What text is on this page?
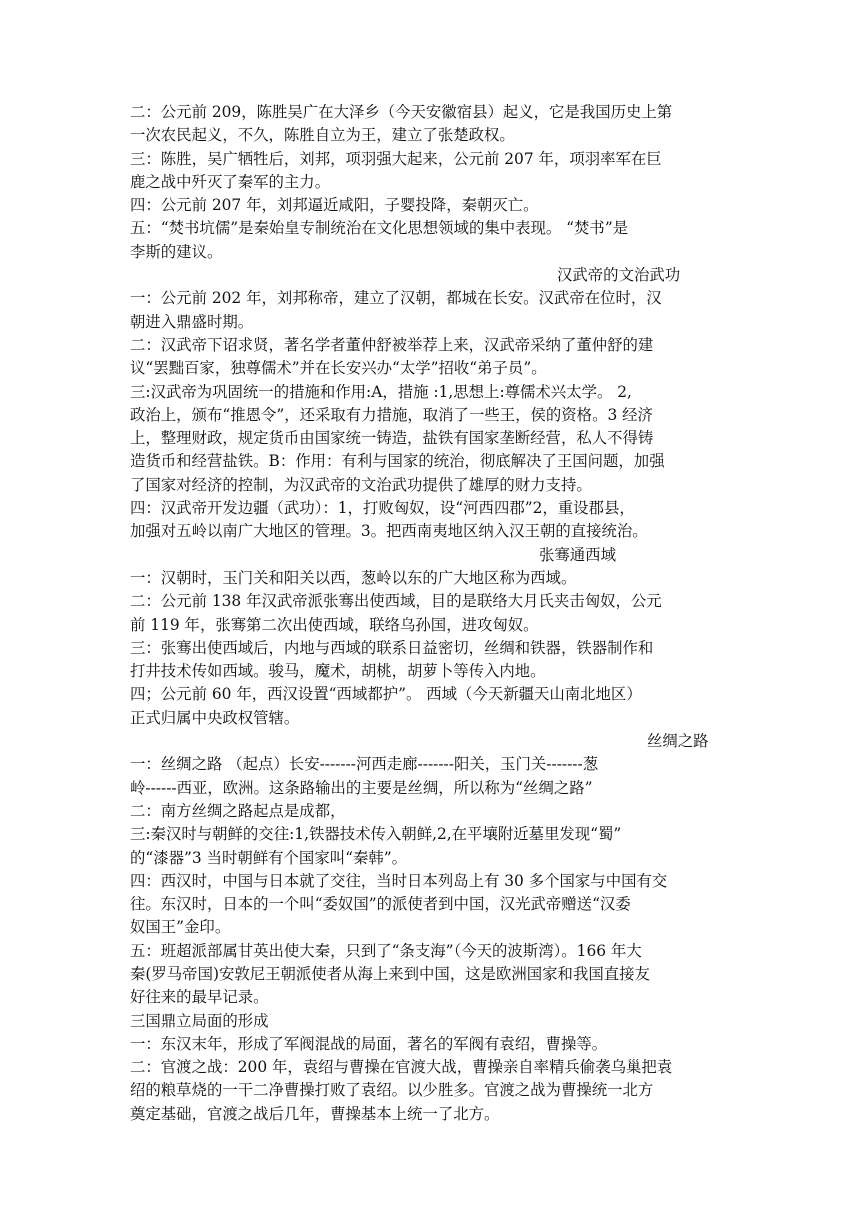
二：公元前 209，陈胜吴广在大泽乡（今天安徽宿县）起义，它是我国历史上第
一次农民起义，不久，陈胜自立为王，建立了张楚政权。
三：陈胜，吴广牺牲后，刘邦，项羽强大起来，公元前 207 年，项羽率军在巨
鹿之战中歼灭了秦军的主力。
四：公元前 207 年，刘邦逼近咸阳，子婴投降，秦朝灭亡。
五：“焚书坑儒”是秦始皇专制统治在文化思想领域的集中表现。 “焚书”是
李斯的建议。
汉武帝的文治武功
一：公元前 202 年，刘邦称帝，建立了汉朝，都城在长安。汉武帝在位时，汉
朝进入鼎盛时期。
二：汉武帝下诏求贤，著名学者董仲舒被举荐上来，汉武帝采纳了董仲舒的建
议“罢黜百家，独尊儒术”并在长安兴办“太学”招收“弟子员”。
三:汉武帝为巩固统一的措施和作用:A，措施 :1,思想上:尊儒术兴太学。 2,
政治上，颁布“推恩令”，还采取有力措施，取消了一些王，侯的资格。3 经济
上，整理财政，规定货币由国家统一铸造，盐铁有国家垄断经营，私人不得铸
造货币和经营盐铁。B：作用：有利与国家的统治，彻底解决了王国问题，加强
了国家对经济的控制，为汉武帝的文治武功提供了雄厚的财力支持。
四：汉武帝开发边疆（武功）：1，打败匈奴，设“河西四郡”2，重设郡县，
加强对五岭以南广大地区的管理。3。把西南夷地区纳入汉王朝的直接统治。
张骞通西域
一：汉朝时，玉门关和阳关以西，葱岭以东的广大地区称为西域。
二：公元前 138 年汉武帝派张骞出使西域，目的是联络大月氏夹击匈奴，公元
前 119 年，张骞第二次出使西域，联络乌孙国，进攻匈奴。
三：张骞出使西域后，内地与西域的联系日益密切，丝绸和铁器，铁器制作和
打井技术传如西域。骏马，魔术，胡桃，胡萝卜等传入内地。
四；公元前 60 年，西汉设置“西域都护”。 西域（今天新疆天山南北地区）
正式归属中央政权管辖。
丝绸之路
一：丝绸之路 （起点）长安-------河西走廊-------阳关，玉门关-------葱
岭------西亚，欧洲。这条路输出的主要是丝绸，所以称为“丝绸之路”
二：南方丝绸之路起点是成都，
三:秦汉时与朝鲜的交往:1,铁器技术传入朝鲜,2,在平壤附近墓里发现“蜀”
的“漆器”3 当时朝鲜有个国家叫“秦韩”。
四：西汉时，中国与日本就了交往，当时日本列岛上有 30 多个国家与中国有交
往。东汉时，日本的一个叫“委奴国”的派使者到中国，汉光武帝赠送“汉委
奴国王”金印。
五：班超派部属甘英出使大秦，只到了“条支海”（今天的波斯湾）。166 年大
秦(罗马帝国)安敦尼王朝派使者从海上来到中国，这是欧洲国家和我国直接友
好往来的最早记录。
三国鼎立局面的形成
一：东汉末年，形成了军阀混战的局面，著名的军阀有袁绍，曹操等。
二：官渡之战：200 年，袁绍与曹操在官渡大战，曹操亲自率精兵偷袭乌巢把袁
绍的粮草烧的一干二净曹操打败了袁绍。以少胜多。官渡之战为曹操统一北方
奠定基础，官渡之战后几年，曹操基本上统一了北方。
